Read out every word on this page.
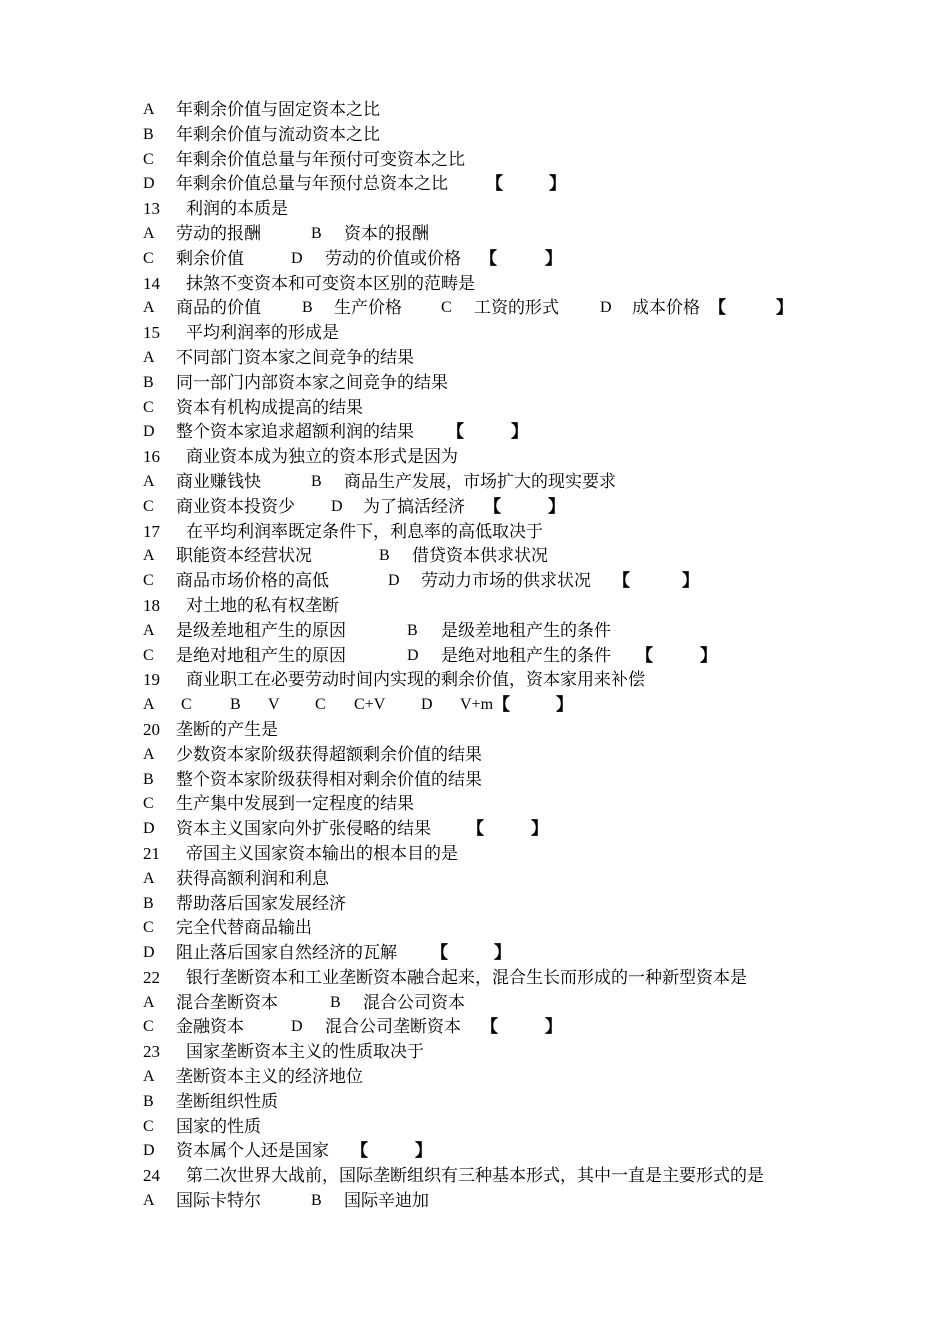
A 年剩余价值与固定资本之比
B 年剩余价值与流动资本之比
C 年剩余价值总量与年预付可变资本之比
D 年剩余价值总量与年预付总资本之比 【	】
13 利润的本质是
A 劳动的报酬	B 资本的报酬
C 剩余价值	D 劳动的价值或价格 【	】
14 抹煞不变资本和可变资本区别的范畴是
A 商品的价值	B 生产价格 C 工资的形式	D 成本价格 【	】
15 平均利润率的形成是
A 不同部门资本家之间竞争的结果
B 同一部门内部资本家之间竞争的结果
C 资本有机构成提高的结果
D 整个资本家追求超额利润的结果 【	】
16 商业资本成为独立的资本形式是因为
A 商业赚钱快	B 商品生产发展，市场扩大的现实要求
C 商业资本投资少 D 为了搞活经济 【	】
17 在平均利润率既定条件下，利息率的高低取决于
A 职能资本经营状况	B 借贷资本供求状况
C 商品市场价格的高低	D 劳动力市场的供求状况 【	】
18 对土地的私有权垄断
A 是级差地租产生的原因	B 是级差地租产生的条件
C 是绝对地租产生的原因	D 是绝对地租产生的条件 【	】
19 商业职工在必要劳动时间内实现的剩余价值，资本家用来补偿
A C B V C C+V D V+m 【	】
20 垄断的产生是
A 少数资本家阶级获得超额剩余价值的结果
B 整个资本家阶级获得相对剩余价值的结果
C 生产集中发展到一定程度的结果
D 资本主义国家向外扩张侵略的结果 【	】
21 帝国主义国家资本输出的根本目的是
A 获得高额利润和利息
B 帮助落后国家发展经济
C 完全代替商品输出
D 阻止落后国家自然经济的瓦解 【	】
22 银行垄断资本和工业垄断资本融合起来，混合生长而形成的一种新型资本是
A 混合垄断资本	B 混合公司资本
C 金融资本	D 混合公司垄断资本 【	】
23 国家垄断资本主义的性质取决于
A 垄断资本主义的经济地位
B 垄断组织性质
C 国家的性质
D 资本属个人还是国家 【	】
24 第二次世界大战前，国际垄断组织有三种基本形式，其中一直是主要形式的是
A 国际卡特尔	B 国际辛迪加
